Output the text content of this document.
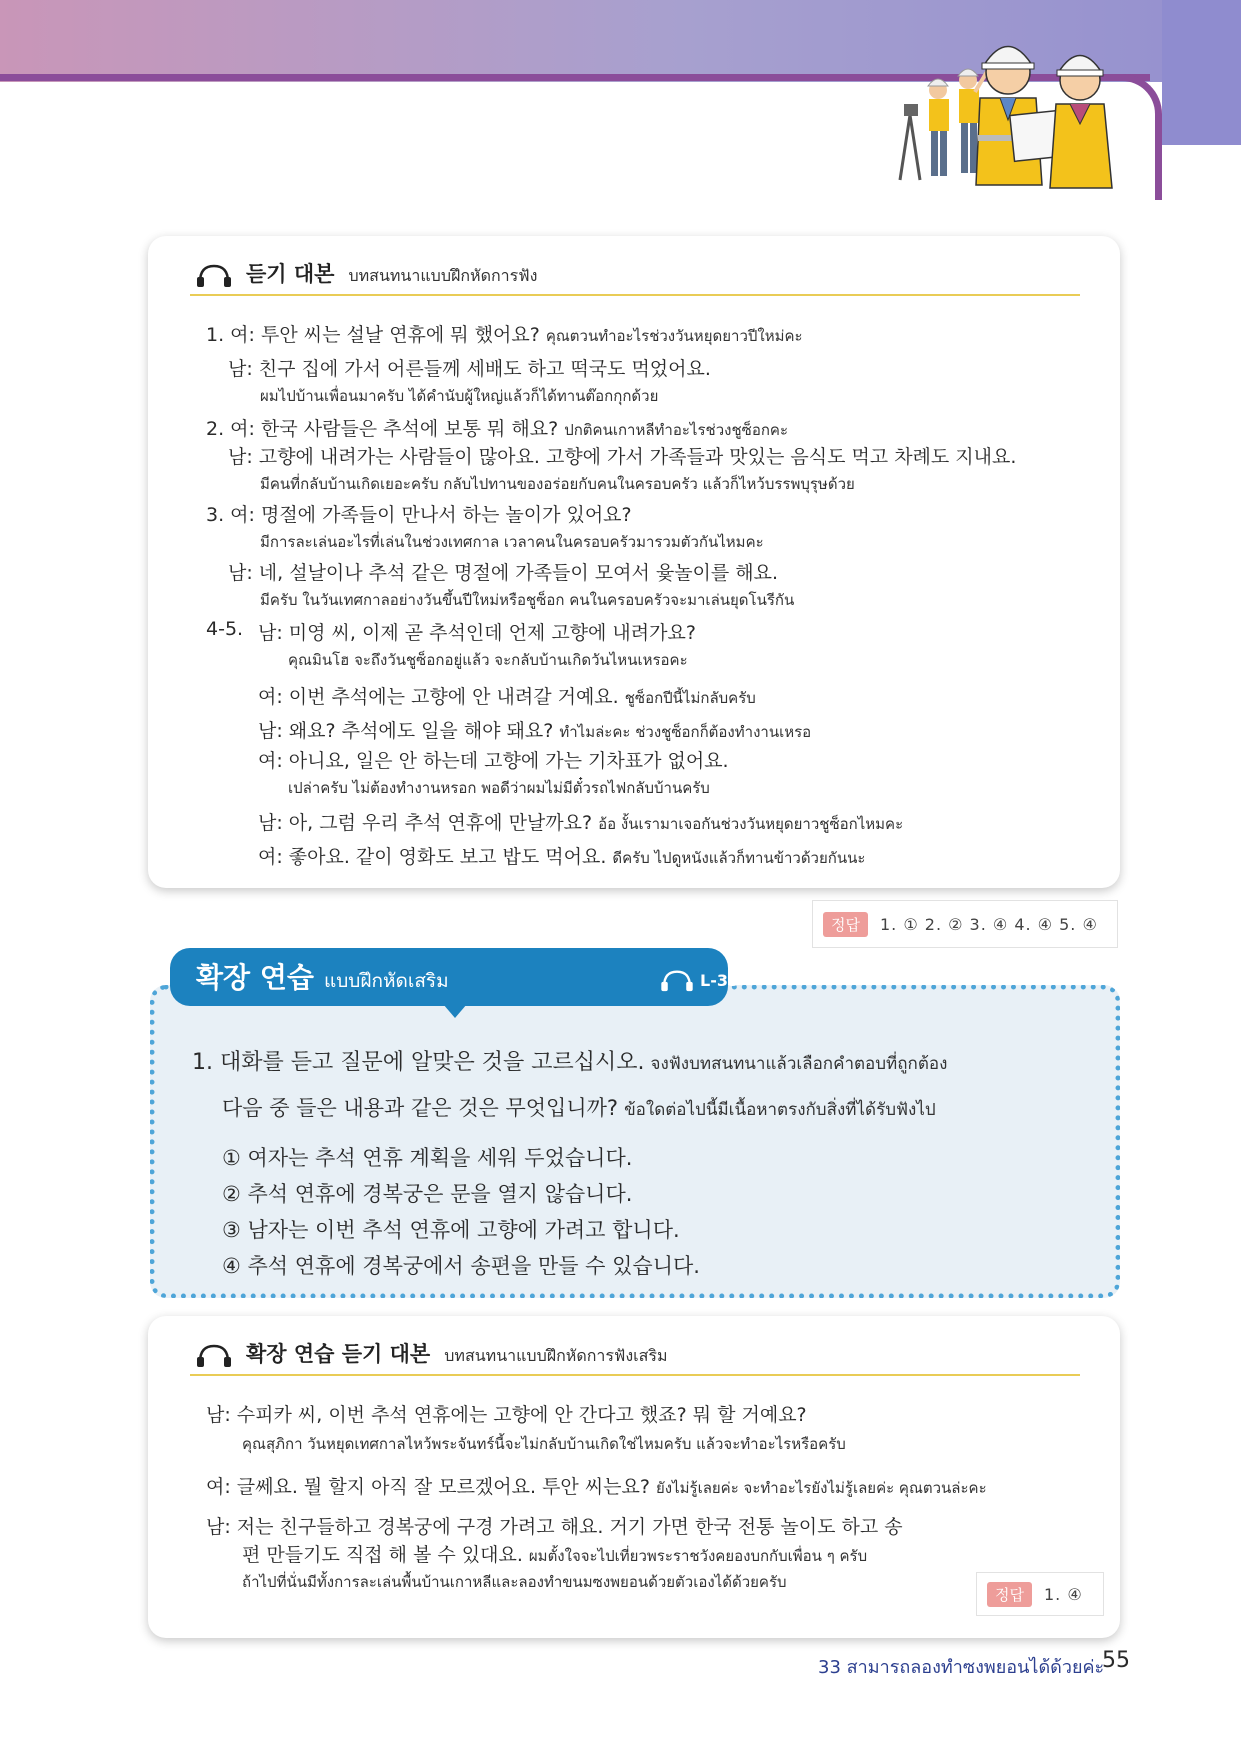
듣기 대본 บทสนทนาแบบฝึกหัดการฟัง
1. 여: 투안 씨는 설날 연휴에 뭐 했어요? คุณตวนทำอะไรช่วงวันหยุดยาวปีใหม่คะ
남: 친구 집에 가서 어른들께 세배도 하고 떡국도 먹었어요.
ผมไปบ้านเพื่อนมาครับ ได้คำนับผู้ใหญ่แล้วก็ได้ทานต๊อกกุกด้วย
2. 여: 한국 사람들은 추석에 보통 뭐 해요? ปกติคนเกาหลีทำอะไรช่วงชูซ็อกคะ
남: 고향에 내려가는 사람들이 많아요. 고향에 가서 가족들과 맛있는 음식도 먹고 차례도 지내요.
มีคนที่กลับบ้านเกิดเยอะครับ กลับไปทานของอร่อยกับคนในครอบครัว แล้วก็ไหว้บรรพบุรุษด้วย
3. 여: 명절에 가족들이 만나서 하는 놀이가 있어요?
มีการละเล่นอะไรที่เล่นในช่วงเทศกาล เวลาคนในครอบครัวมารวมตัวกันไหมคะ
남: 네, 설날이나 추석 같은 명절에 가족들이 모여서 윷놀이를 해요.
มีครับ ในวันเทศกาลอย่างวันขึ้นปีใหม่หรือชูซ็อก คนในครอบครัวจะมาเล่นยุดโนรีกัน
4-5. 남: 미영 씨, 이제 곧 추석인데 언제 고향에 내려가요?
คุณมินโฮ จะถึงวันชูซ็อกอยู่แล้ว จะกลับบ้านเกิดวันไหนเหรอคะ
여: 이번 추석에는 고향에 안 내려갈 거예요. ชูซ็อกปีนี้ไม่กลับครับ
남: 왜요? 추석에도 일을 해야 돼요? ทำไมล่ะคะ ช่วงชูซ็อกก็ต้องทำงานเหรอ
여: 아니요, 일은 안 하는데 고향에 가는 기차표가 없어요.
เปล่าครับ ไม่ต้องทำงานหรอก พอดีว่าผมไม่มีตั๋วรถไฟกลับบ้านครับ
남: 아, 그럼 우리 추석 연휴에 만날까요? อ้อ งั้นเรามาเจอกันช่วงวันหยุดยาวชูซ็อกไหมคะ
여: 좋아요. 같이 영화도 보고 밥도 먹어요. ดีครับ ไปดูหนังแล้วก็ทานข้าวด้วยกันนะ
정답	1. ① 2. ② 3. ④ 4. ④ 5. ④
확장 연습 แบบฝึกหัดเสริม	L-33
1. 대화를 듣고 질문에 알맞은 것을 고르십시오. จงฟังบทสนทนาแล้วเลือกคำตอบที่ถูกต้อง
다음 중 들은 내용과 같은 것은 무엇입니까? ข้อใดต่อไปนี้มีเนื้อหาตรงกับสิ่งที่ได้รับฟังไป
① 여자는 추석 연휴 계획을 세워 두었습니다.
② 추석 연휴에 경복궁은 문을 열지 않습니다.
③ 남자는 이번 추석 연휴에 고향에 가려고 합니다.
④ 추석 연휴에 경복궁에서 송편을 만들 수 있습니다.
확장 연습 듣기 대본 บทสนทนาแบบฝึกหัดการฟังเสริม
남: 수피카 씨, 이번 추석 연휴에는 고향에 안 간다고 했죠? 뭐 할 거예요?
คุณสุภิกา วันหยุดเทศกาลไหว้พระจันทร์นี้จะไม่กลับบ้านเกิดใช่ไหมครับ แล้วจะทำอะไรหรือครับ
여: 글쎄요. 뭘 할지 아직 잘 모르겠어요. 투안 씨는요? ยังไม่รู้เลยค่ะ จะทำอะไรยังไม่รู้เลยค่ะ คุณตวนล่ะคะ
남: 저는 친구들하고 경복궁에 구경 가려고 해요. 거기 가면 한국 전통 놀이도 하고 송
편 만들기도 직접 해 볼 수 있대요. ผมตั้งใจจะไปเที่ยวพระราชวังคยองบกกับเพื่อน ๆ ครับ
ถ้าไปที่นั่นมีทั้งการละเล่นพื้นบ้านเกาหลีและลองทำขนมซงพยอนด้วยตัวเองได้ด้วยครับ
정답	1. ④
33 สามารถลองทำซงพยอนได้ด้วยค่ะ
55
